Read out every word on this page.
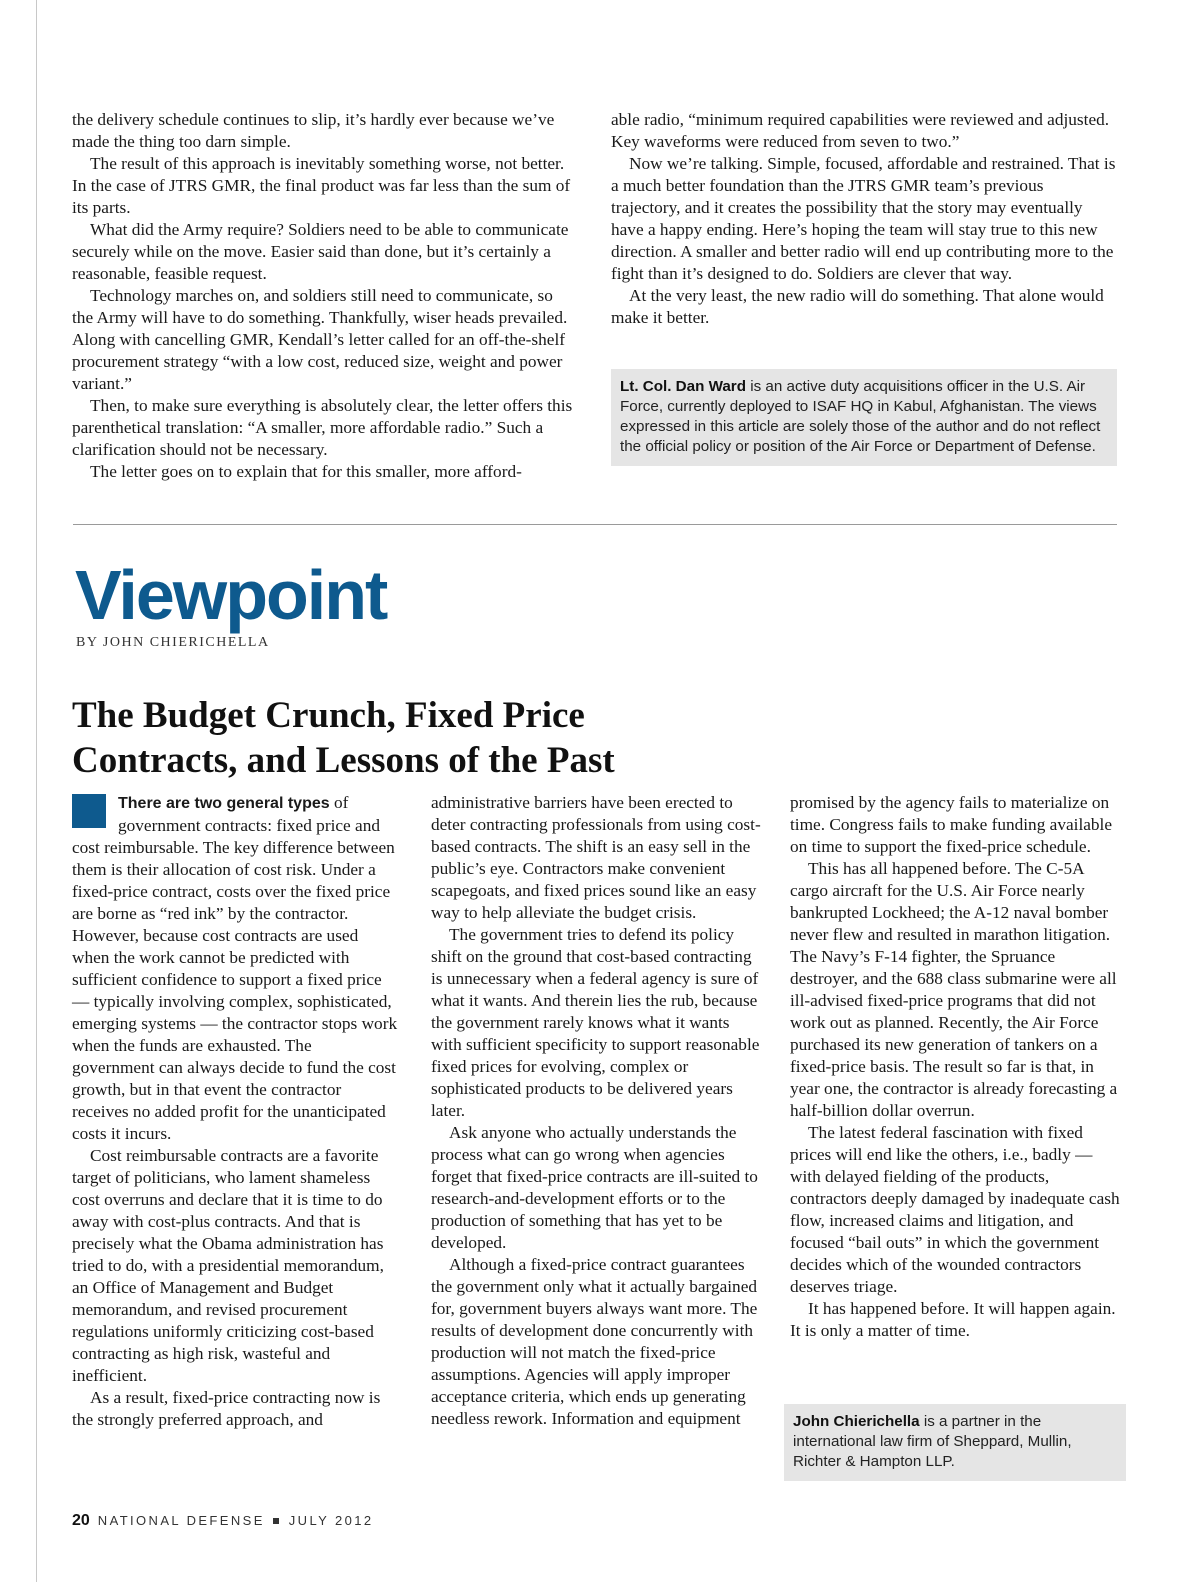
the delivery schedule continues to slip, it’s hardly ever because we’ve made the thing too darn simple.

The result of this approach is inevitably something worse, not better. In the case of JTRS GMR, the final product was far less than the sum of its parts.

What did the Army require? Soldiers need to be able to communicate securely while on the move. Easier said than done, but it’s certainly a reasonable, feasible request.

Technology marches on, and soldiers still need to communicate, so the Army will have to do something. Thankfully, wiser heads prevailed. Along with cancelling GMR, Kendall’s letter called for an off-the-shelf procurement strategy “with a low cost, reduced size, weight and power variant.”

Then, to make sure everything is absolutely clear, the letter offers this parenthetical translation: “A smaller, more affordable radio.” Such a clarification should not be necessary.

The letter goes on to explain that for this smaller, more afford-

able radio, “minimum required capabilities were reviewed and adjusted. Key waveforms were reduced from seven to two.”

Now we’re talking. Simple, focused, affordable and restrained. That is a much better foundation than the JTRS GMR team’s previous trajectory, and it creates the possibility that the story may eventually have a happy ending. Here’s hoping the team will stay true to this new direction. A smaller and better radio will end up contributing more to the fight than it’s designed to do. Soldiers are clever that way.

At the very least, the new radio will do something. That alone would make it better.

Lt. Col. Dan Ward is an active duty acquisitions officer in the U.S. Air Force, currently deployed to ISAF HQ in Kabul, Afghanistan. The views expressed in this article are solely those of the author and do not reflect the official policy or position of the Air Force or Department of Defense.
Viewpoint
BY JOHN CHIERICHELLA
The Budget Crunch, Fixed Price Contracts, and Lessons of the Past

There are two general types of government contracts: fixed price and cost reimbursable. The key difference between them is their allocation of cost risk. Under a fixed-price contract, costs over the fixed price are borne as “red ink” by the contractor. However, because cost contracts are used when the work cannot be predicted with sufficient confidence to support a fixed price — typically involving complex, sophisticated, emerging systems — the contractor stops work when the funds are exhausted. The government can always decide to fund the cost growth, but in that event the contractor receives no added profit for the unanticipated costs it incurs.

Cost reimbursable contracts are a favorite target of politicians, who lament shameless cost overruns and declare that it is time to do away with cost-plus contracts. And that is precisely what the Obama administration has tried to do, with a presidential memorandum, an Office of Management and Budget memorandum, and revised procurement regulations uniformly criticizing cost-based contracting as high risk, wasteful and inefficient.

As a result, fixed-price contracting now is the strongly preferred approach, and

administrative barriers have been erected to deter contracting professionals from using cost-based contracts. The shift is an easy sell in the public’s eye. Contractors make convenient scapegoats, and fixed prices sound like an easy way to help alleviate the budget crisis.

The government tries to defend its policy shift on the ground that cost-based contracting is unnecessary when a federal agency is sure of what it wants. And therein lies the rub, because the government rarely knows what it wants with sufficient specificity to support reasonable fixed prices for evolving, complex or sophisticated products to be delivered years later.

Ask anyone who actually understands the process what can go wrong when agencies forget that fixed-price contracts are ill-suited to research-and-development efforts or to the production of something that has yet to be developed.

Although a fixed-price contract guarantees the government only what it actually bargained for, government buyers always want more. The results of development done concurrently with production will not match the fixed-price assumptions. Agencies will apply improper acceptance criteria, which ends up generating needless rework. Information and equipment

promised by the agency fails to materialize on time. Congress fails to make funding available on time to support the fixed-price schedule.

This has all happened before. The C-5A cargo aircraft for the U.S. Air Force nearly bankrupted Lockheed; the A-12 naval bomber never flew and resulted in marathon litigation. The Navy’s F-14 fighter, the Spruance destroyer, and the 688 class submarine were all ill-advised fixed-price programs that did not work out as planned. Recently, the Air Force purchased its new generation of tankers on a fixed-price basis. The result so far is that, in year one, the contractor is already forecasting a half-billion dollar overrun.

The latest federal fascination with fixed prices will end like the others, i.e., badly — with delayed fielding of the products, contractors deeply damaged by inadequate cash flow, increased claims and litigation, and focused “bail outs” in which the government decides which of the wounded contractors deserves triage.

It has happened before. It will happen again. It is only a matter of time.

John Chierichella is a partner in the international law firm of Sheppard, Mullin, Richter & Hampton LLP.
20 NATIONAL DEFENSE JULY 2012
